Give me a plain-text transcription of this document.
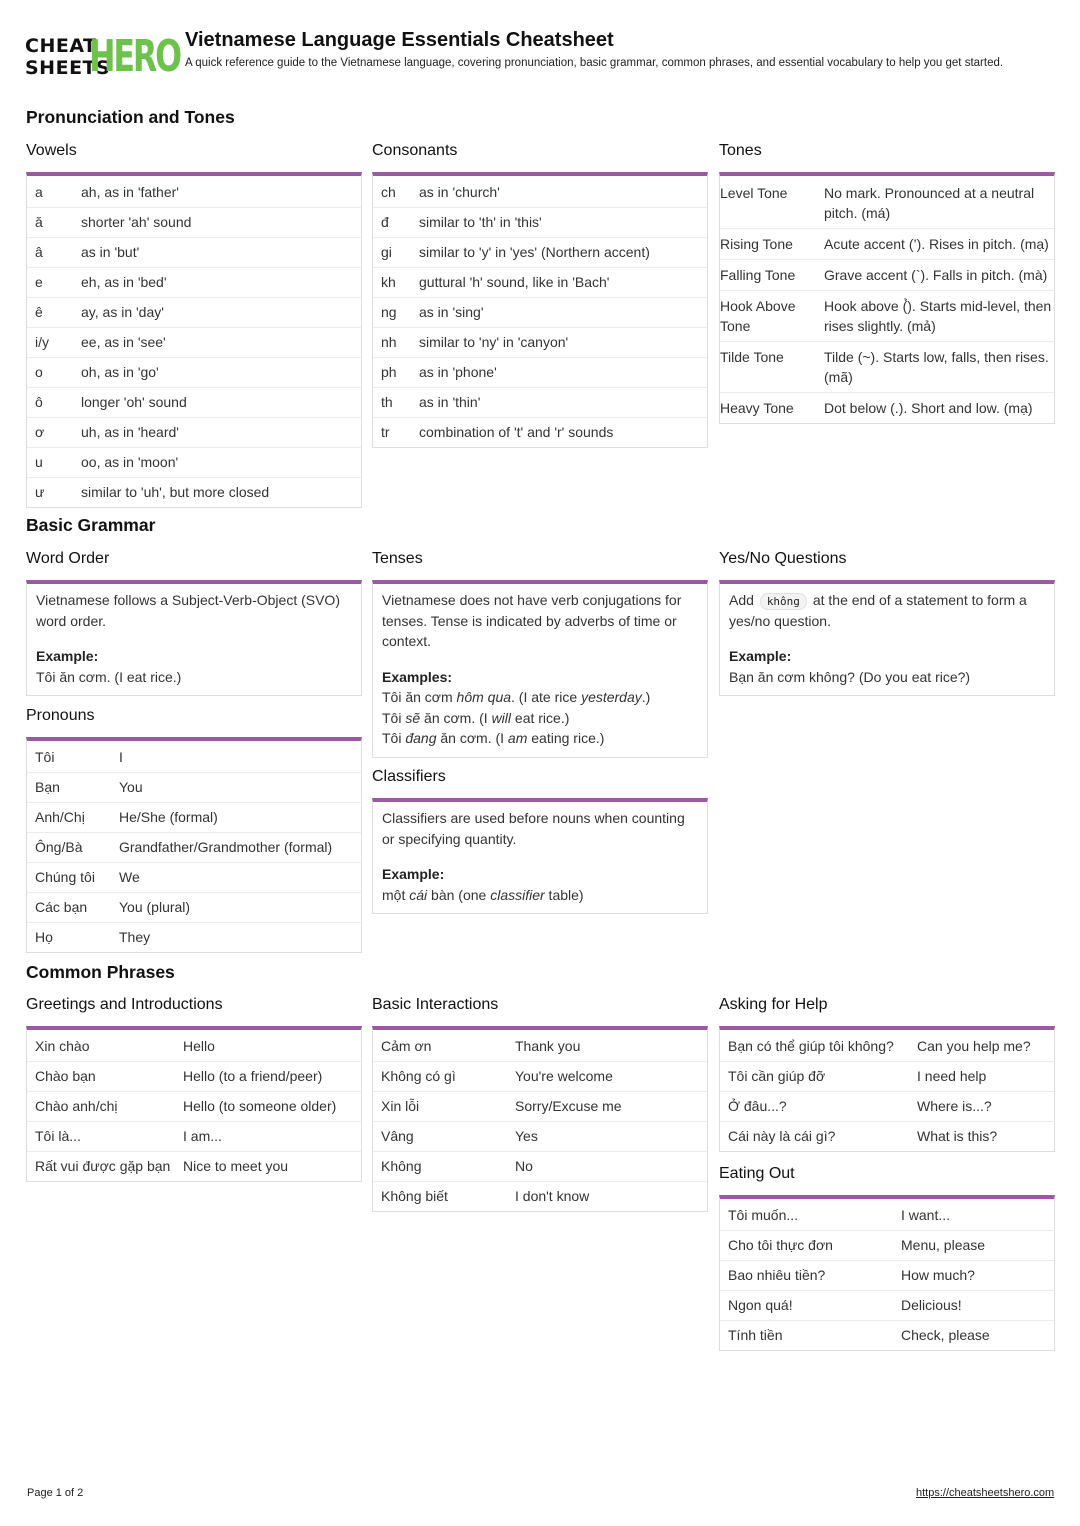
CHEAT
SHEETS
HERO Vietnamese Language Essentials Cheatsheet
A quick reference guide to the Vietnamese language, covering pronunciation, basic grammar, common phrases, and essential vocabulary to help you get started.
Pronunciation and Tones
Vowels
a	ah, as in 'father'
ă	shorter 'ah' sound
â	as in 'but'
e	eh, as in 'bed'
ê	ay, as in 'day'
i/y	ee, as in 'see'
o	oh, as in 'go'
ô	longer 'oh' sound
ơ	uh, as in 'heard'
u	oo, as in 'moon'
ư	similar to 'uh', but more closed
Consonants
ch	as in 'church'
đ	similar to 'th' in 'this'
gi	similar to 'y' in 'yes' (Northern accent)
kh	guttural 'h' sound, like in 'Bach'
ng	as in 'sing'
nh	similar to 'ny' in 'canyon'
ph	as in 'phone'
th	as in 'thin'
tr	combination of 't' and 'r' sounds
Tones
Level Tone	No mark. Pronounced at a neutral pitch. (má)
Rising Tone	Acute accent (’). Rises in pitch. (mạ)
Falling Tone	Grave accent (`). Falls in pitch. (mà)
Hook Above Tone	Hook above (̉). Starts mid-level, then rises slightly. (mả)
Tilde Tone	Tilde (~). Starts low, falls, then rises. (mã)
Heavy Tone	Dot below (.). Short and low. (mạ)
Basic Grammar
Word Order
Vietnamese follows a Subject-Verb-Object (SVO) word order.
Example:
Tôi ăn cơm. (I eat rice.)
Pronouns
Tôi	I
Bạn	You
Anh/Chị	He/She (formal)
Ông/Bà	Grandfather/Grandmother (formal)
Chúng tôi	We
Các bạn	You (plural)
Họ	They
Tenses
Vietnamese does not have verb conjugations for tenses. Tense is indicated by adverbs of time or context.
Examples:
Tôi ăn cơm hôm qua. (I ate rice yesterday.)
Tôi sẽ ăn cơm. (I will eat rice.)
Tôi đang ăn cơm. (I am eating rice.)
Classifiers
Classifiers are used before nouns when counting or specifying quantity.
Example:
một cái bàn (one classifier table)
Yes/No Questions
Add không at the end of a statement to form a yes/no question.
Example:
Bạn ăn cơm không? (Do you eat rice?)
Common Phrases
Greetings and Introductions
Xin chào	Hello
Chào bạn	Hello (to a friend/peer)
Chào anh/chị	Hello (to someone older)
Tôi là...	I am...
Rất vui được gặp bạn	Nice to meet you
Basic Interactions
Cảm ơn	Thank you
Không có gì	You're welcome
Xin lỗi	Sorry/Excuse me
Vâng	Yes
Không	No
Không biết	I don't know
Asking for Help
Bạn có thể giúp tôi không?	Can you help me?
Tôi cần giúp đỡ	I need help
Ở đâu...?	Where is...?
Cái này là cái gì?	What is this?
Eating Out
Tôi muốn...	I want...
Cho tôi thực đơn	Menu, please
Bao nhiêu tiền?	How much?
Ngon quá!	Delicious!
Tính tiền	Check, please
Page 1 of 2	https://cheatsheetshero.com
